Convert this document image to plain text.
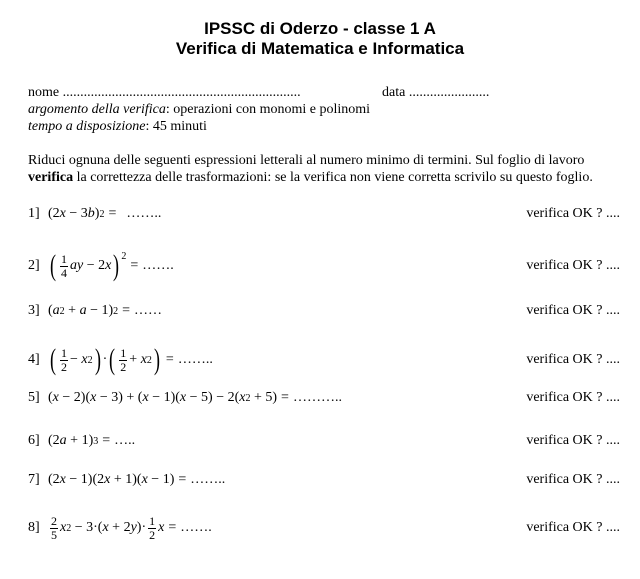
IPSSC di Oderzo - classe 1 A
Verifica di Matematica e Informatica
nome ....................................................................	data .......................
argomento della verifica: operazioni con monomi e polinomi
tempo a disposizione: 45 minuti
Riduci ognuna delle seguenti espressioni letterali al numero minimo di termini. Sul foglio di lavoro
verifica la correttezza delle trasformazioni: se la verifica non viene corretta scrivilo su questo foglio.
1] (2 x − 3 b ) 2 = ……..	verifica OK ? ....
2] ( $\frac{1}{4}$ ay − 2 x )$^2$
= …….	verifica OK ? ....
3] ( a 2 + a − 1) 2 = ……	verifica OK ? ....
4] ( $\frac{1}{2} - x$ 2 ) · ( $\frac{1}{2} + x$ 2 ) = ……..	verifica OK ? ....
5] ( x − 2)( x − 3) + ( x − 1)( x − 5) − 2( x 2 + 5) = ………..	verifica OK ? ....
6] (2 a + 1) 3 = …..	verifica OK ? ....
7] (2 x − 1)(2 x + 1)( x − 1) = ……..	verifica OK ? ....
$8] \frac{2}{5}$ x 2 − 3·( x + 2 y )· $\frac{1}{2}$ x = …….	verifica OK ? ....
